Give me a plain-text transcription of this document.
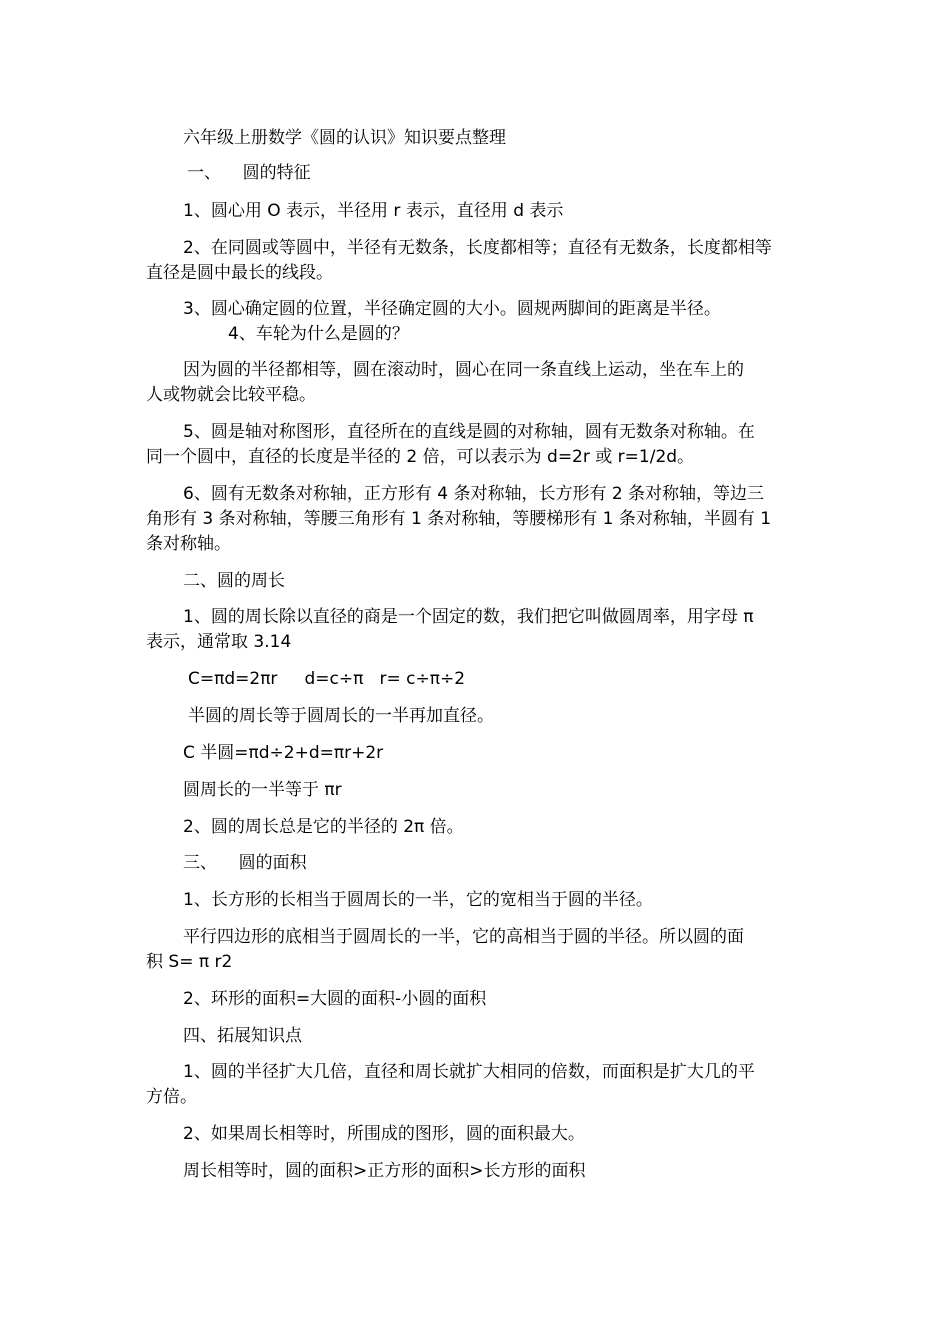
六年级上册数学《圆的认识》知识要点整理

一、    圆的特征

1、圆心用 O 表示，半径用 r 表示，直径用 d 表示

2、在同圆或等圆中，半径有无数条，长度都相等；直径有无数条，长度都相等
直径是圆中最长的线段。

3、圆心确定圆的位置，半径确定圆的大小。圆规两脚间的距离是半径。

4、车轮为什么是圆的？

因为圆的半径都相等，圆在滚动时，圆心在同一条直线上运动，坐在车上的
人或物就会比较平稳。

5、圆是轴对称图形，直径所在的直线是圆的对称轴，圆有无数条对称轴。在
同一个圆中，直径的长度是半径的 2 倍，可以表示为 d=2r 或 r=1/2d。

6、圆有无数条对称轴，正方形有 4 条对称轴，长方形有 2 条对称轴，等边三
角形有 3 条对称轴，等腰三角形有 1 条对称轴，等腰梯形有 1 条对称轴，半圆有 1
条对称轴。

二、圆的周长

1、圆的周长除以直径的商是一个固定的数，我们把它叫做圆周率，用字母 π
表示，通常取 3.14

C=πd=2πr     d=c÷π   r= c÷π÷2

半圆的周长等于圆周长的一半再加直径。

C 半圆=πd÷2+d=πr+2r

圆周长的一半等于 πr

2、圆的周长总是它的半径的 2π 倍。

三、    圆的面积

1、长方形的长相当于圆周长的一半，它的宽相当于圆的半径。

平行四边形的底相当于圆周长的一半，它的高相当于圆的半径。所以圆的面
积 S= π r2

2、环形的面积=大圆的面积-小圆的面积

四、拓展知识点

1、圆的半径扩大几倍，直径和周长就扩大相同的倍数，而面积是扩大几的平
方倍。

2、如果周长相等时，所围成的图形，圆的面积最大。

周长相等时，圆的面积>正方形的面积>长方形的面积
